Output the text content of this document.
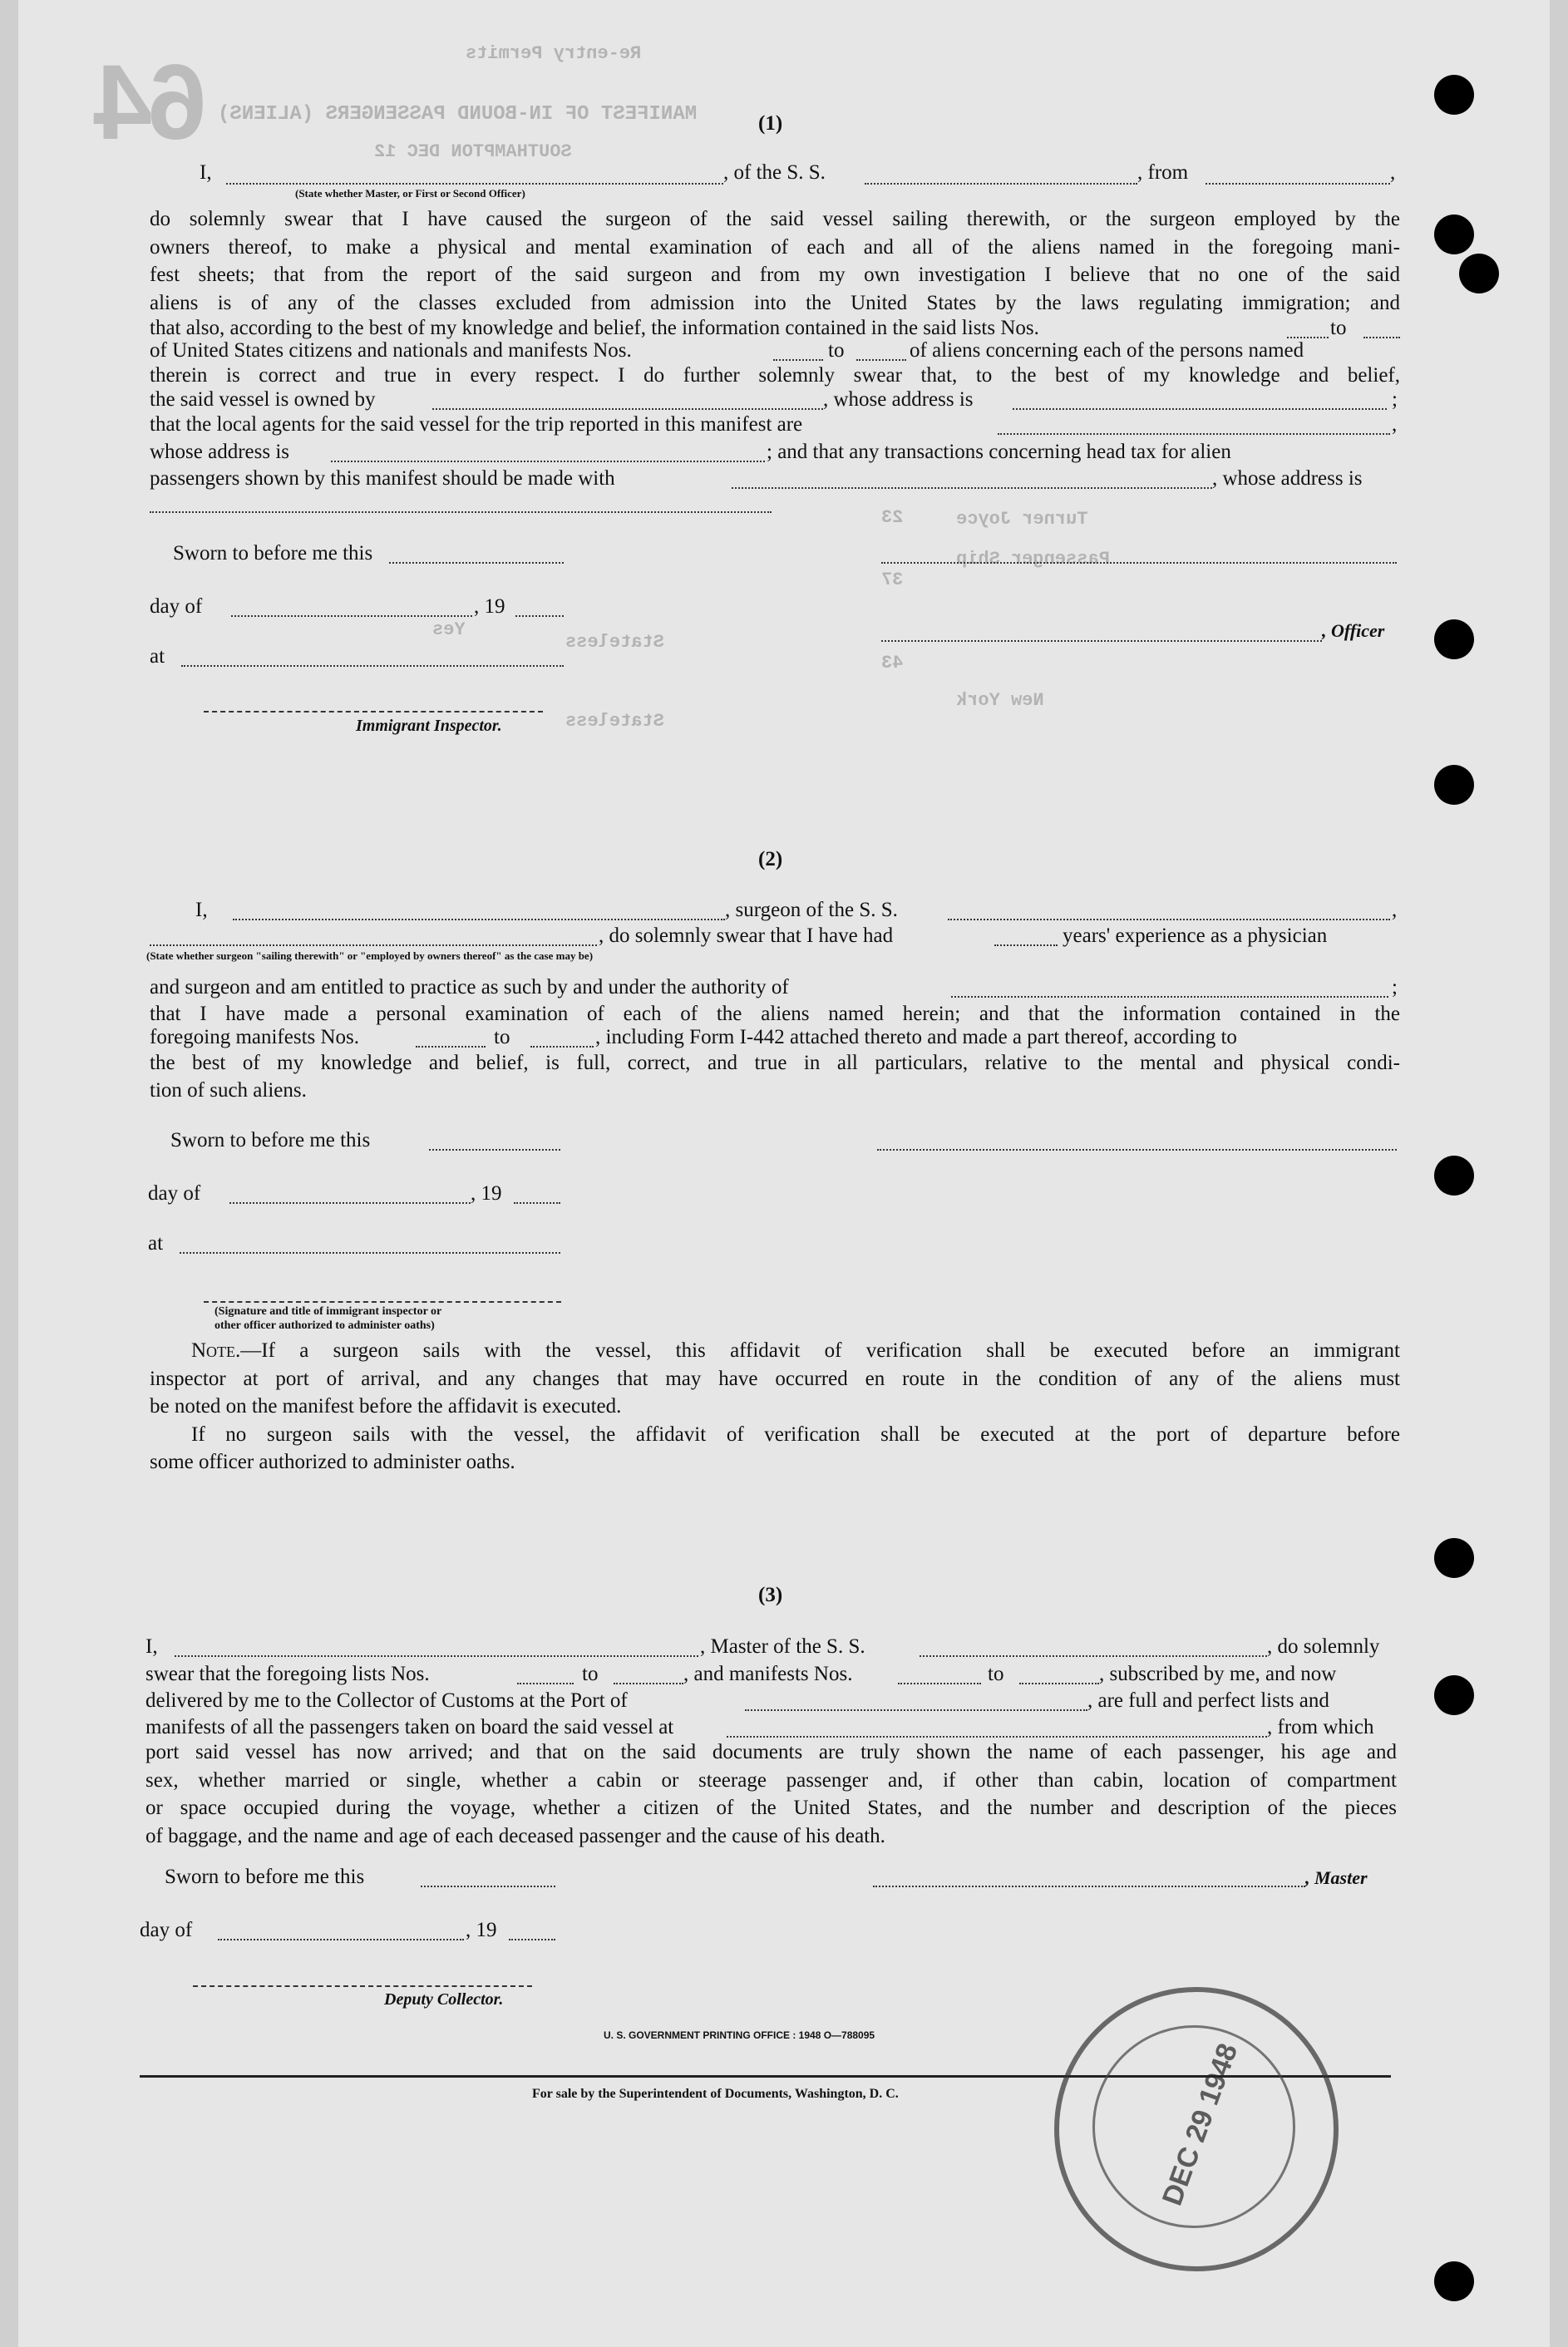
64	Re-entry Permits
MANIFEST OF IN-BOUND PASSENGERS (ALIENS)
SOUTHAMPTON DEC 12
23	Turner Joyce
Passenger Ship
37
Yes
Stateless
43
Stateless
New York
(1)
I,	, of the S. S.	, from	,
(State whether Master, or First or Second Officer)
do solemnly swear that I have caused the surgeon of the said vessel sailing therewith, or the surgeon employed by the
owners thereof, to make a physical and mental examination of each and all of the aliens named in the foregoing mani-
fest sheets; that from the report of the said surgeon and from my own investigation I believe that no one of the said
aliens is of any of the classes excluded from admission into the United States by the laws regulating immigration; and
that also, according to the best of my knowledge and belief, the information contained in the said lists Nos.	to
of United States citizens and nationals and manifests Nos.	to	of aliens concerning each of the persons named
therein is correct and true in every respect. I do further solemnly swear that, to the best of my knowledge and belief,
the said vessel is owned by	, whose address is	;
that the local agents for the said vessel for the trip reported in this manifest are	,
whose address is	; and that any transactions concerning head tax for alien
passengers shown by this manifest should be made with	, whose address is
Sworn to before me this
day of	, 19
, Officer
at
Immigrant Inspector.
(2)
I,	, surgeon of the S. S.	,
, do solemnly swear that I have had	years' experience as a physician
(State whether surgeon "sailing therewith" or "employed by owners thereof" as the case may be)
and surgeon and am entitled to practice as such by and under the authority of	;
that I have made a personal examination of each of the aliens named herein; and that the information contained in the
foregoing manifests Nos.	to	, including Form I-442 attached thereto and made a part thereof, according to
the best of my knowledge and belief, is full, correct, and true in all particulars, relative to the mental and physical condi-
tion of such aliens.
Sworn to before me this
day of	, 19
at
(Signature and title of immigrant inspector or
other officer authorized to administer oaths)
Note.—If a surgeon sails with the vessel, this affidavit of verification shall be executed before an immigrant
inspector at port of arrival, and any changes that may have occurred en route in the condition of any of the aliens must
be noted on the manifest before the affidavit is executed.
If no surgeon sails with the vessel, the affidavit of verification shall be executed at the port of departure before
some officer authorized to administer oaths.
(3)
I,	, Master of the S. S.	, do solemnly
swear that the foregoing lists Nos.	to	, and manifests Nos.	to	, subscribed by me, and now
delivered by me to the Collector of Customs at the Port of	, are full and perfect lists and
manifests of all the passengers taken on board the said vessel at	, from which
port said vessel has now arrived; and that on the said documents are truly shown the name of each passenger, his age and
sex, whether married or single, whether a cabin or steerage passenger and, if other than cabin, location of compartment
or space occupied during the voyage, whether a citizen of the United States, and the number and description of the pieces
of baggage, and the name and age of each deceased passenger and the cause of his death.
Sworn to before me this	, Master
day of	, 19
Deputy Collector.
U. S. GOVERNMENT PRINTING OFFICE : 1948 O—788095
For sale by the Superintendent of Documents, Washington, D. C.	DEC 29 1948
